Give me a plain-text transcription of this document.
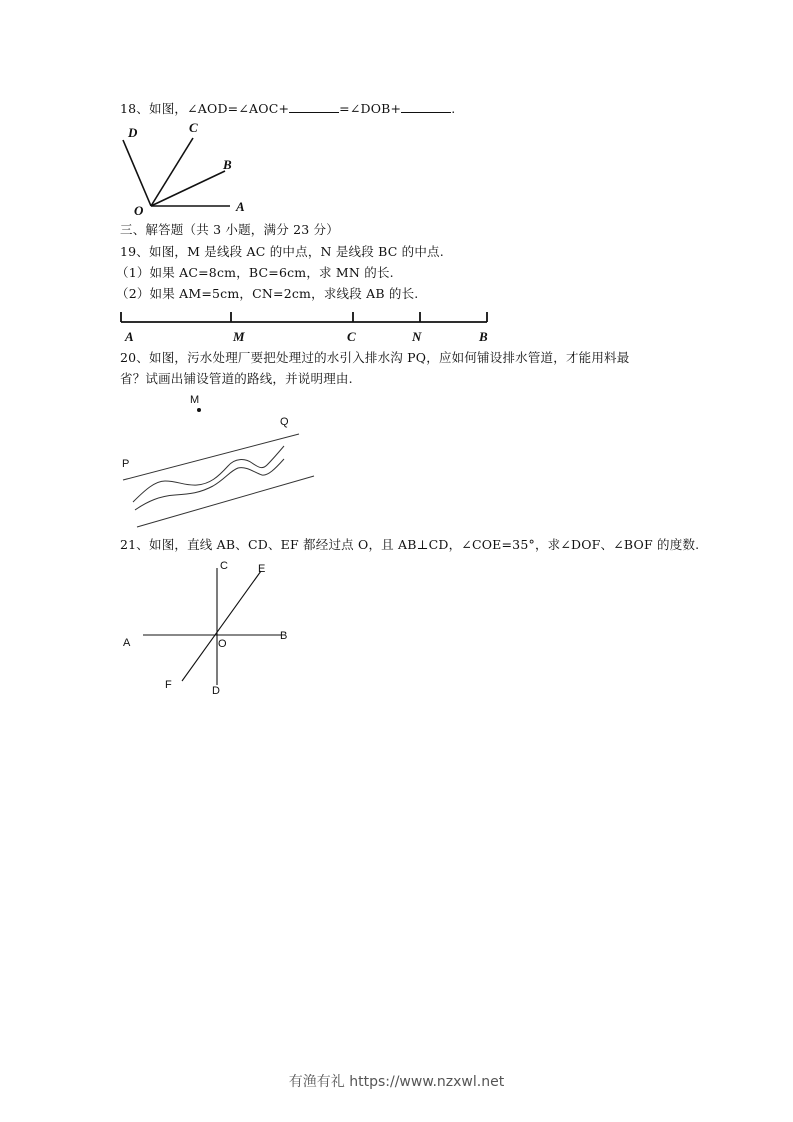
18、如图，∠AOD=∠AOC+	=∠DOB+	.
D	C
B
O	A
三、解答题（共 3 小题，满分 23 分）
19、如图，M 是线段 AC 的中点，N 是线段 BC 的中点.
（1）如果 AC=8cm，BC=6cm，求 MN 的长.
（2）如果 AM=5cm，CN=2cm，求线段 AB 的长.
A	M	C	N	B
20、如图，污水处理厂要把处理过的水引入排水沟 PQ，应如何铺设排水管道，才能用料最
省？试画出铺设管道的路线，并说明理由.
M
Q
P
21、如图，直线 AB、CD、EF 都经过点 O，且 AB⊥CD，∠COE=35°，求∠DOF、∠BOF 的度数.
C	E
A	O
B
F	D
有渔有礼 https://www.nzxwl.net
